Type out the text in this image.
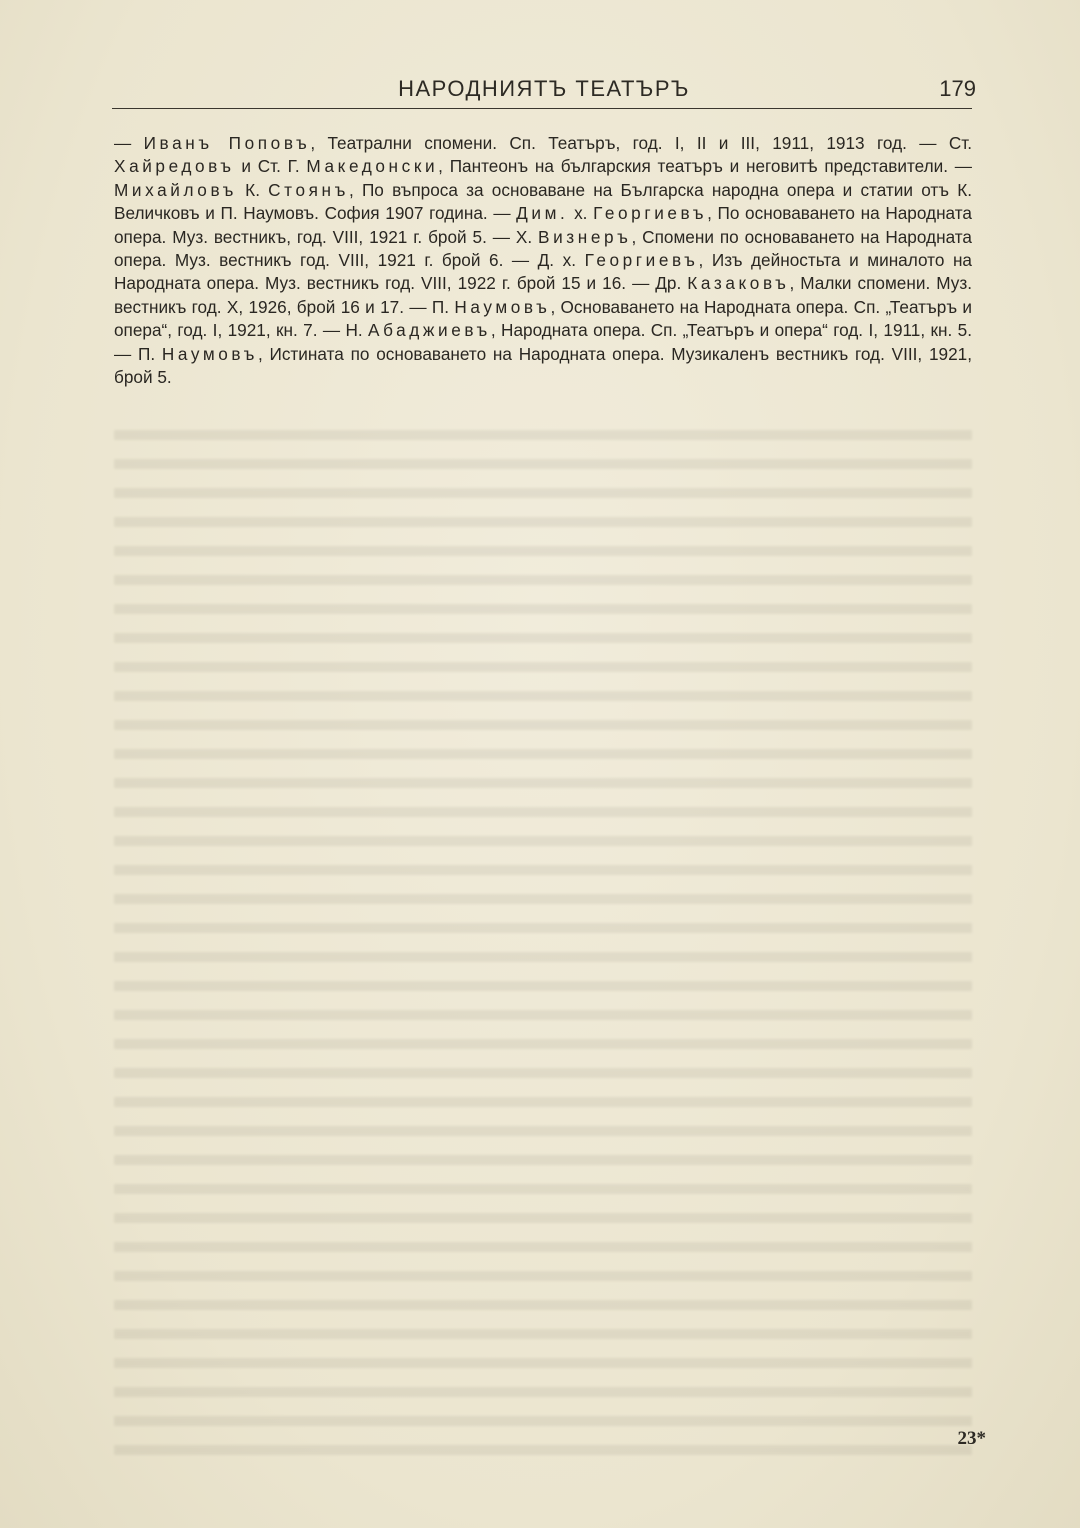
НАРОДНИЯТЪ ТЕАТЪРЪ	179
— Иванъ Поповъ, Театрални спомени. Сп. Театъръ, год. I, II и III, 1911, 1913 год. — Ст. Хайредовъ и Ст. Г. Македонски, Пантеонъ на българския театъръ и неговитѣ представители. — Михайловъ К. Стоянъ, По въпроса за основаване на Българска народна опера и статии отъ К. Величковъ и П. Наумовъ. София 1907 година. — Дим. х. Георгиевъ, По основаването на Народната опера. Муз. вестникъ, год. VIII, 1921 г. брой 5. — Х. Визнеръ, Спомени по основаването на Народната опера. Муз. вестникъ год. VIII, 1921 г. брой 6. — Д. х. Георгиевъ, Изъ дейностьта и миналото на Народната опера. Муз. вестникъ год. VIII, 1922 г. брой 15 и 16. — Др. Казаковъ, Малки спомени. Муз. вестникъ год. X, 1926, брой 16 и 17. — П. Наумовъ, Основаването на Народната опера. Сп. „Театъръ и опера“, год. I, 1921, кн. 7. — Н. Абаджиевъ, Народната опера. Сп. „Театъръ и опера“ год. I, 1911, кн. 5. — П. Наумовъ, Истината по основаването на Народната опера. Музикаленъ вестникъ год. VIII, 1921, брой 5.
23*
